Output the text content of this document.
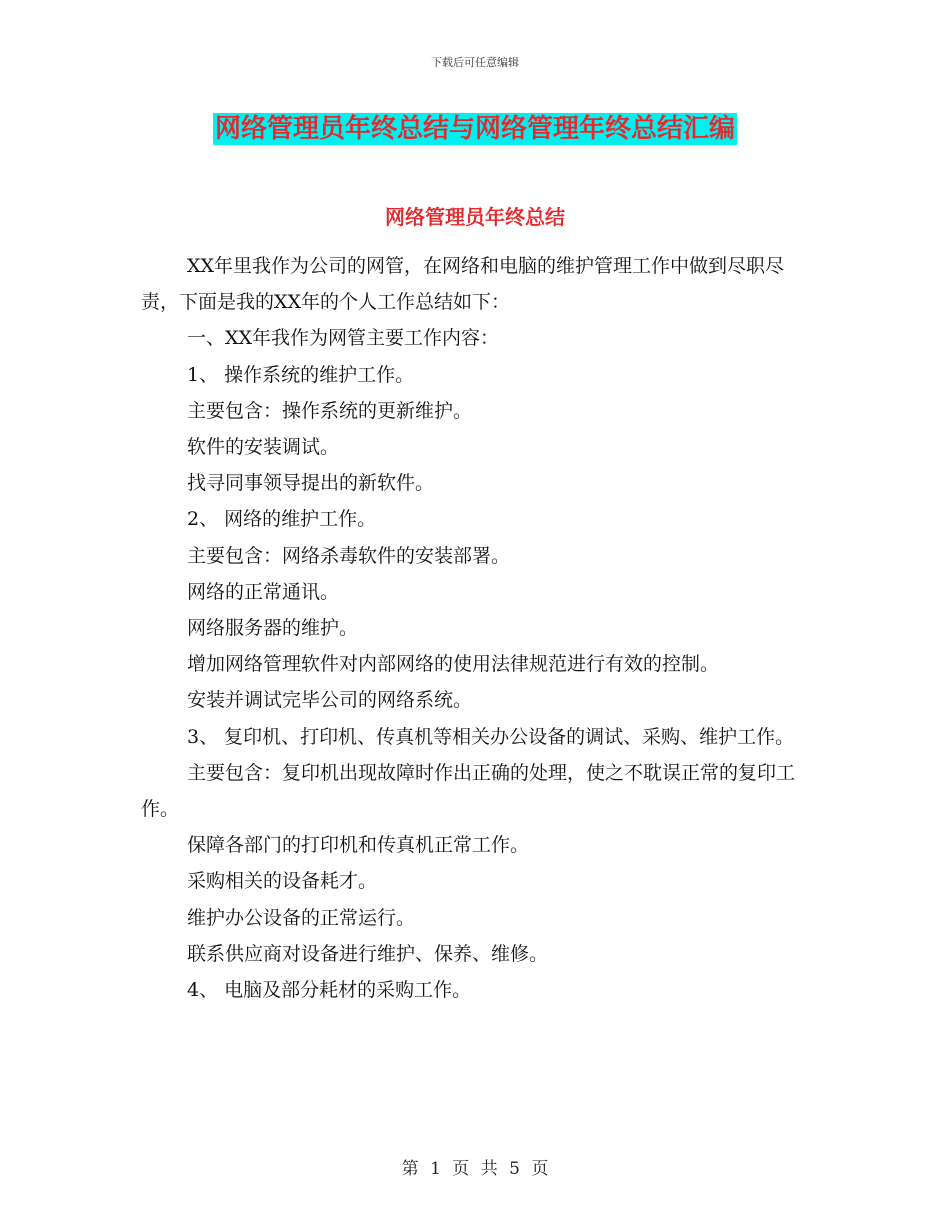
下载后可任意编辑
网络管理员年终总结与网络管理年终总结汇编
网络管理员年终总结

XX年里我作为公司的网管，在网络和电脑的维护管理工作中做到尽职尽责，下面是我的XX年的个人工作总结如下：

一、XX年我作为网管主要工作内容：

1、 操作系统的维护工作。

主要包含：操作系统的更新维护。

软件的安装调试。

找寻同事领导提出的新软件。

2、 网络的维护工作。

主要包含：网络杀毒软件的安装部署。

网络的正常通讯。

网络服务器的维护。

增加网络管理软件对内部网络的使用法律规范进行有效的控制。

安装并调试完毕公司的网络系统。

3、 复印机、打印机、传真机等相关办公设备的调试、采购、维护工作。

主要包含：复印机出现故障时作出正确的处理，使之不耽误正常的复印工作。

保障各部门的打印机和传真机正常工作。

采购相关的设备耗才。

维护办公设备的正常运行。

联系供应商对设备进行维护、保养、维修。

4、 电脑及部分耗材的采购工作。

第 1 页 共 5 页
